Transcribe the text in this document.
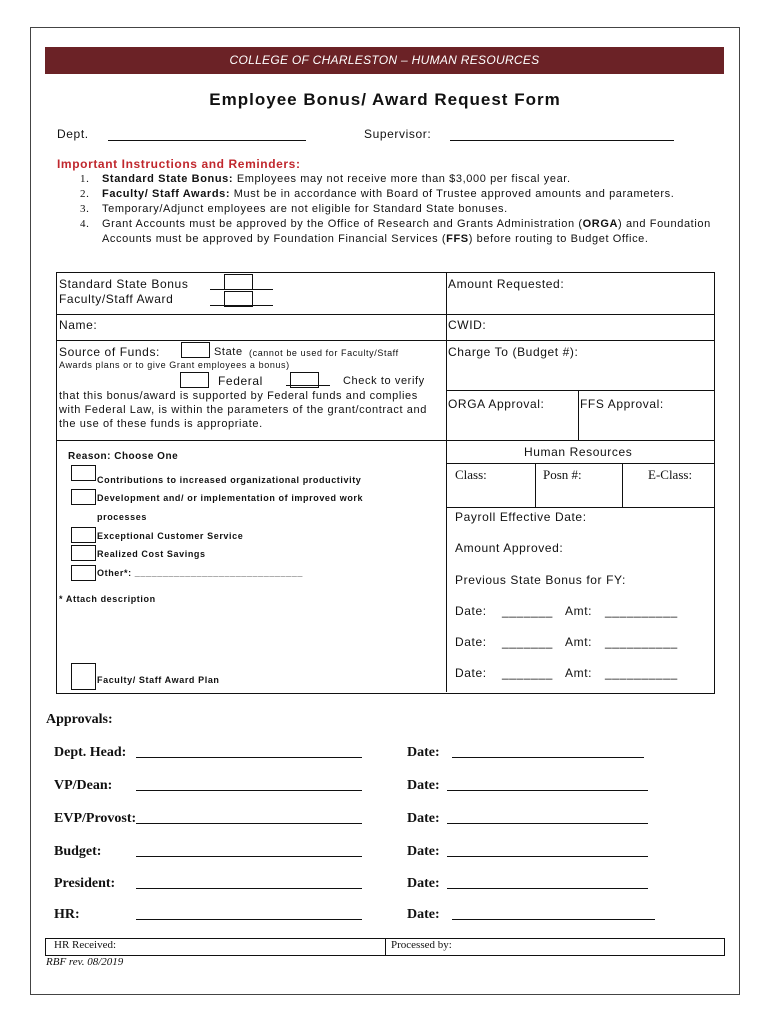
COLLEGE OF CHARLESTON – HUMAN RESOURCES
Employee Bonus/ Award Request Form
Dept.	Supervisor:
Important Instructions and Reminders:
1.	Standard State Bonus: Employees may not receive more than $3,000 per fiscal year.
2.	Faculty/ Staff Awards: Must be in accordance with Board of Trustee approved amounts and parameters.
3.	Temporary/Adjunct employees are not eligible for Standard State bonuses.
4.	Grant Accounts must be approved by the Office of Research and Grants Administration (ORGA) and Foundation Accounts must be approved by Foundation Financial Services (FFS) before routing to Budget Office.
Standard State Bonus
Faculty/Staff Award
Amount Requested:
Name:	CWID:
Source of Funds:	State (cannot be used for Faculty/Staff
Awards plans or to give Grant employees a bonus)
Federal	Check to verify
that this bonus/award is supported by Federal funds and complies with Federal Law, is within the parameters of the grant/contract and the use of these funds is appropriate.
Charge To (Budget #):
ORGA Approval:	FFS Approval:
Reason: Choose One
Contributions to increased organizational productivity
Development and/ or implementation of improved work
processes
Exceptional Customer Service
Realized Cost Savings
Other*: ______________________________
* Attach description
Faculty/ Staff Award Plan
Human Resources
Class:	Posn #:	E-Class:
Payroll Effective Date:
Amount Approved:
Previous State Bonus for FY:
Date: _______ Amt: __________
Date: _______ Amt: __________
Date: _______ Amt: __________
Approvals:
Dept. Head:	Date:
VP/Dean:	Date:
EVP/Provost:	Date:
Budget:	Date:
President:	Date:
HR:	Date:
HR Received:	Processed by:
RBF rev. 08/2019
